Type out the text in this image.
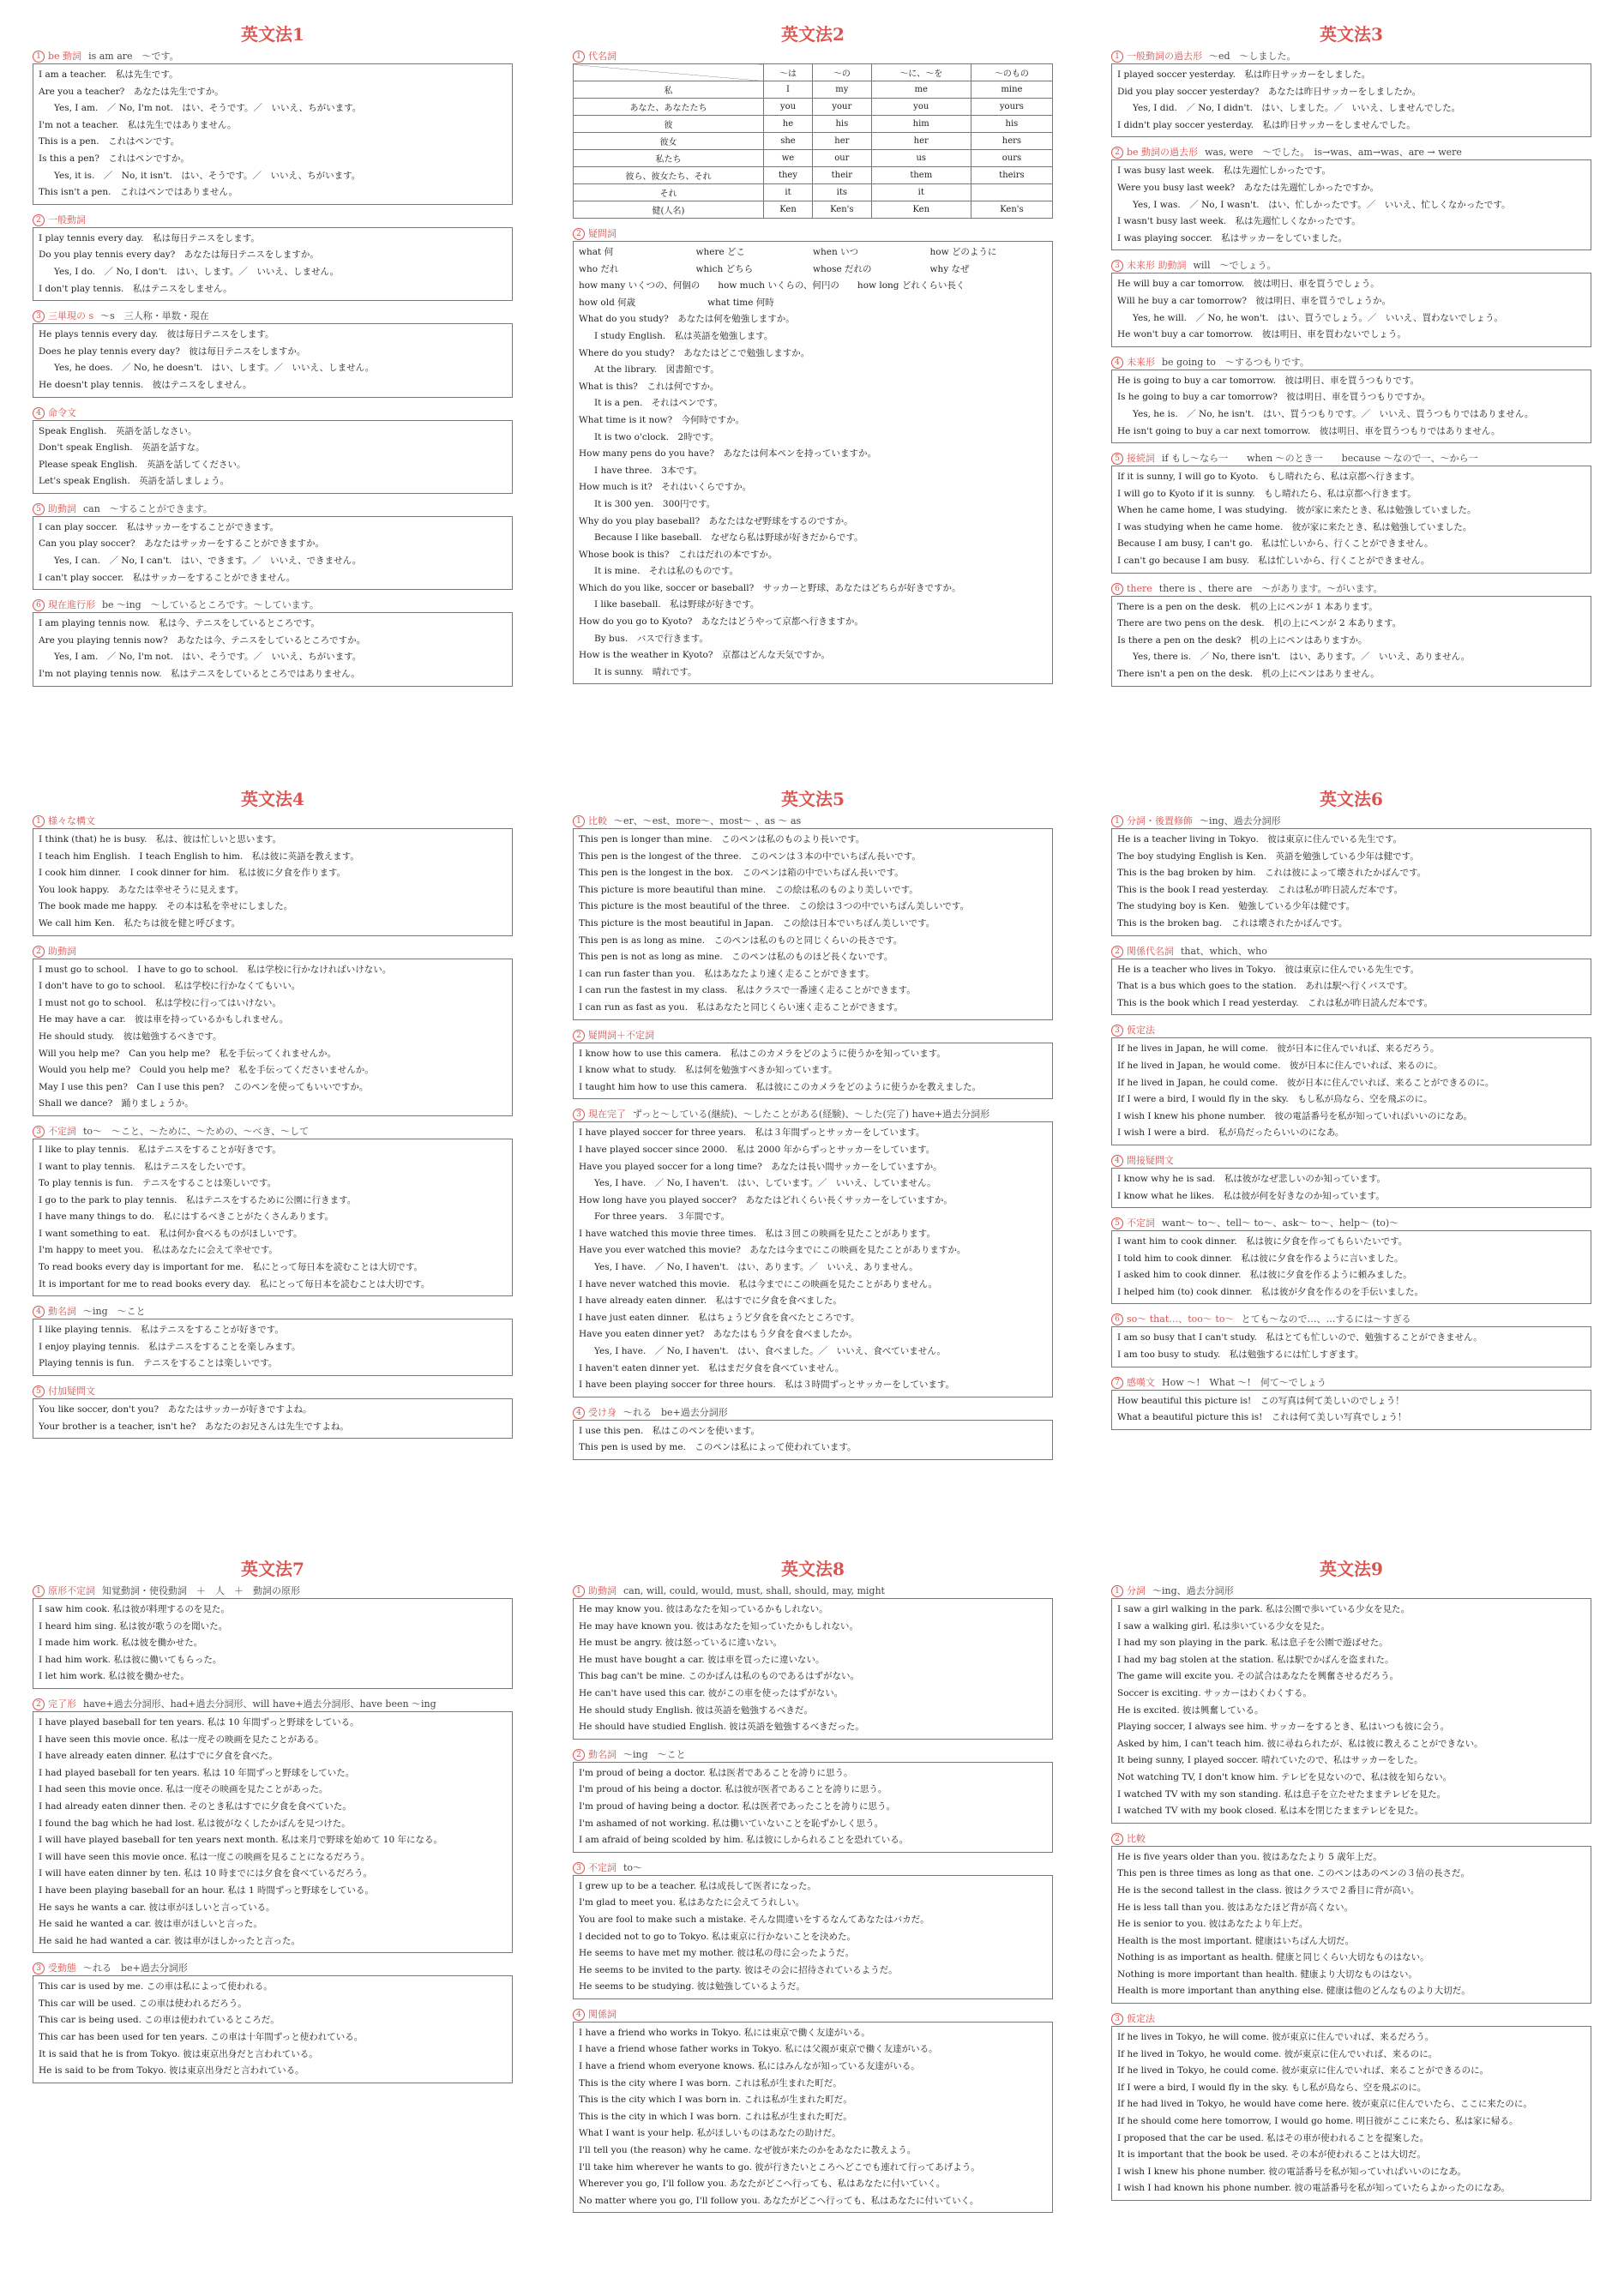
英文法1
1 be 動詞 is am are　〜です。
I am a teacher.　私は先生です。
Are you a teacher?　あなたは先生ですか。
Yes, I am.　／ No, I'm not.　はい、そうです。／　いいえ、ちがいます。
I'm not a teacher.　私は先生ではありません。
This is a pen.　これはペンです。
Is this a pen?　これはペンですか。
Yes, it is.　／　No, it isn't.　はい、そうです。／　いいえ、ちがいます。
This isn't a pen.　これはペンではありません。
2 一般動詞
I play tennis every day.　私は毎日テニスをします。
Do you play tennis every day?　あなたは毎日テニスをしますか。
Yes, I do.　／ No, I don't.　はい、します。／　いいえ、しません。
I don't play tennis.　私はテニスをしません。
3 三単現の s 〜s　三人称・単数・現在
He plays tennis every day.　彼は毎日テニスをします。
Does he play tennis every day?　彼は毎日テニスをしますか。
Yes, he does.　／ No, he doesn't.　はい、します。／　いいえ、しません。
He doesn't play tennis.　彼はテニスをしません。
4 命令文
Speak English.　英語を話しなさい。
Don't speak English.　英語を話すな。
Please speak English.　英語を話してください。
Let's speak English.　英語を話しましょう。
5 助動詞 can　〜することができます。
I can play soccer.　私はサッカーをすることができます。
Can you play soccer?　あなたはサッカーをすることができますか。
Yes, I can.　／ No, I can't.　はい、できます。／　いいえ、できません。
I can't play soccer.　私はサッカーをすることができません。
6 現在進行形 be 〜ing　〜しているところです。〜しています。
I am playing tennis now.　私は今、テニスをしているところです。
Are you playing tennis now?　あなたは今、テニスをしているところですか。
Yes, I am.　／ No, I'm not.　はい、そうです。／　いいえ、ちがいます。
I'm not playing tennis now.　私はテニスをしているところではありません。
英文法2
1 代名詞
	〜は	〜の	〜に、〜を	〜のもの
私	I	my	me	mine
あなた、あなたたち	you	your	you	yours
彼	he	his	him	his
彼女	she	her	her	hers
私たち	we	our	us	ours
彼ら、彼女たち、それ	they	their	them	theirs
それ	it	its	it	
健(人名)	Ken	Ken's	Ken	Ken's
2 疑問詞
what 何	where どこ	when いつ	how どのように
who だれ	which どちら	whose だれの	why なぜ
how many いくつの、何個の　　how much いくらの、何円の　　how long どれくらい長く
how old 何歳　　　　　　　　what time 何時
What do you study?　あなたは何を勉強しますか。
I study English.　私は英語を勉強します。
Where do you study?　あなたはどこで勉強しますか。
At the library.　図書館です。
What is this?　これは何ですか。
It is a pen.　それはペンです。
What time is it now?　今何時ですか。
It is two o'clock.　2時です。
How many pens do you have?　あなたは何本ペンを持っていますか。
I have three.　3本です。
How much is it?　それはいくらですか。
It is 300 yen.　300円です。
Why do you play baseball?　あなたはなぜ野球をするのですか。
Because I like baseball.　なぜなら私は野球が好きだからです。
Whose book is this?　これはだれの本ですか。
It is mine.　それは私のものです。
Which do you like, soccer or baseball?　サッカーと野球、あなたはどちらが好きですか。
I like baseball.　私は野球が好きです。
How do you go to Kyoto?　あなたはどうやって京都へ行きますか。
By bus.　バスで行きます。
How is the weather in Kyoto?　京都はどんな天気ですか。
It is sunny.　晴れです。
英文法3
1 一般動詞の過去形 〜ed　〜しました。
I played soccer yesterday.　私は昨日サッカーをしました。
Did you play soccer yesterday?　あなたは昨日サッカーをしましたか。
Yes, I did.　／ No, I didn't.　はい、しました。／　いいえ、しませんでした。
I didn't play soccer yesterday.　私は昨日サッカーをしませんでした。
2 be 動詞の過去形 was, were　〜でした。　is→was、am→was、are → were
I was busy last week.　私は先週忙しかったです。
Were you busy last week?　あなたは先週忙しかったですか。
Yes, I was.　／ No, I wasn't.　はい、忙しかったです。／　いいえ、忙しくなかったです。
I wasn't busy last week.　私は先週忙しくなかったです。
I was playing soccer.　私はサッカーをしていました。
3 未来形 助動詞 will　〜でしょう。
He will buy a car tomorrow.　彼は明日、車を買うでしょう。
Will he buy a car tomorrow?　彼は明日、車を買うでしょうか。
Yes, he will.　／ No, he won't.　はい、買うでしょう。／　いいえ、買わないでしょう。
He won't buy a car tomorrow.　彼は明日、車を買わないでしょう。
4 未来形 be going to　〜するつもりです。
He is going to buy a car tomorrow.　彼は明日、車を買うつもりです。
Is he going to buy a car tomorrow?　彼は明日、車を買うつもりですか。
Yes, he is.　／ No, he isn't.　はい、買うつもりです。／　いいえ、買うつもりではありません。
He isn't going to buy a car next tomorrow.　彼は明日、車を買うつもりではありません。
5 接続詞 if もし〜なら一　　when 〜のとき一　　because 〜なので一、〜から一
If it is sunny, I will go to Kyoto.　もし晴れたら、私は京都へ行きます。
I will go to Kyoto if it is sunny.　もし晴れたら、私は京都へ行きます。
When he came home, I was studying.　彼が家に来たとき、私は勉強していました。
I was studying when he came home.　彼が家に来たとき、私は勉強していました。
Because I am busy, I can't go.　私は忙しいから、行くことができません。
I can't go because I am busy.　私は忙しいから、行くことができません。
6 there there is 、there are　〜があります。〜がいます。
There is a pen on the desk.　机の上にペンが 1 本あります。
There are two pens on the desk.　机の上にペンが 2 本あります。
Is there a pen on the desk?　机の上にペンはありますか。
Yes, there is.　／ No, there isn't.　はい、あります。／　いいえ、ありません。
There isn't a pen on the desk.　机の上にペンはありません。
英文法4
1 様々な構文
I think (that) he is busy.　私は、彼は忙しいと思います。
I teach him English.　I teach English to him.　私は彼に英語を教えます。
I cook him dinner.　I cook dinner for him.　私は彼に夕食を作ります。
You look happy.　あなたは幸せそうに見えます。
The book made me happy.　その本は私を幸せにしました。
We call him Ken.　私たちは彼を健と呼びます。
2 助動詞
I must go to school.　I have to go to school.　私は学校に行かなければいけない。
I don't have to go to school.　私は学校に行かなくてもいい。
I must not go to school.　私は学校に行ってはいけない。
He may have a car.　彼は車を持っているかもしれません。
He should study.　彼は勉強するべきです。
Will you help me?　Can you help me?　私を手伝ってくれませんか。
Would you help me?　Could you help me?　私を手伝ってくださいませんか。
May I use this pen?　Can I use this pen?　このペンを使ってもいいですか。
Shall we dance?　踊りましょうか。
3 不定詞 to〜　〜こと、〜ために、〜ための、〜べき、〜して
I like to play tennis.　私はテニスをすることが好きです。
I want to play tennis.　私はテニスをしたいです。
To play tennis is fun.　テニスをすることは楽しいです。
I go to the park to play tennis.　私はテニスをするために公園に行きます。
I have many things to do.　私にはするべきことがたくさんあります。
I want something to eat.　私は何か食べるものがほしいです。
I'm happy to meet you.　私はあなたに会えて幸せです。
To read books every day is important for me.　私にとって毎日本を読むことは大切です。
It is important for me to read books every day.　私にとって毎日本を読むことは大切です。
4 動名詞 〜ing　〜こと
I like playing tennis.　私はテニスをすることが好きです。
I enjoy playing tennis.　私はテニスをすることを楽しみます。
Playing tennis is fun.　テニスをすることは楽しいです。
5 付加疑問文
You like soccer, don't you?　あなたはサッカーが好きですよね。
Your brother is a teacher, isn't he?　あなたのお兄さんは先生ですよね。
英文法5
1 比較 〜er、〜est、more〜、most〜 、as 〜 as
This pen is longer than mine.　このペンは私のものより長いです。
This pen is the longest of the three.　このペンは３本の中でいちばん長いです。
This pen is the longest in the box.　このペンは箱の中でいちばん長いです。
This picture is more beautiful than mine.　この絵は私のものより美しいです。
This picture is the most beautiful of the three.　この絵は３つの中でいちばん美しいです。
This picture is the most beautiful in Japan.　この絵は日本でいちばん美しいです。
This pen is as long as mine.　このペンは私のものと同じくらいの長さです。
This pen is not as long as mine.　このペンは私のものほど長くないです。
I can run faster than you.　私はあなたより速く走ることができます。
I can run the fastest in my class.　私はクラスで一番速く走ることができます。
I can run as fast as you.　私はあなたと同じくらい速く走ることができます。
2 疑問詞＋不定詞
I know how to use this camera.　私はこのカメラをどのように使うかを知っています。
I know what to study.　私は何を勉強すべきか知っています。
I taught him how to use this camera.　私は彼にこのカメラをどのように使うかを教えました。
3 現在完了 ずっと〜している(継続)、〜したことがある(経験)、〜した(完了) have+過去分詞形
I have played soccer for three years.　私は３年間ずっとサッカーをしています。
I have played soccer since 2000.　私は 2000 年からずっとサッカーをしています。
Have you played soccer for a long time?　あなたは長い間サッカーをしていますか。
Yes, I have.　／ No, I haven't.　はい、しています。／　いいえ、していません。
How long have you played soccer?　あなたはどれくらい長くサッカーをしていますか。
For three years.　３年間です。
I have watched this movie three times.　私は３回この映画を見たことがあります。
Have you ever watched this movie?　あなたは今までにこの映画を見たことがありますか。
Yes, I have.　／ No, I haven't.　はい、あります。／　いいえ、ありません。
I have never watched this movie.　私は今までにこの映画を見たことがありません。
I have already eaten dinner.　私はすでに夕食を食べました。
I have just eaten dinner.　私はちょうど夕食を食べたところです。
Have you eaten dinner yet?　あなたはもう夕食を食べましたか。
Yes, I have.　／ No, I haven't.　はい、食べました。／　いいえ、食べていません。
I haven't eaten dinner yet.　私はまだ夕食を食べていません。
I have been playing soccer for three hours.　私は３時間ずっとサッカーをしています。
4 受け身 〜れる　be+過去分詞形
I use this pen.　私はこのペンを使います。
This pen is used by me.　このペンは私によって使われています。
英文法6
1 分詞・後置修飾 〜ing、過去分詞形
He is a teacher living in Tokyo.　彼は東京に住んでいる先生です。
The boy studying English is Ken.　英語を勉強している少年は健です。
This is the bag broken by him.　これは彼によって壊されたかばんです。
This is the book I read yesterday.　これは私が昨日読んだ本です。
The studying boy is Ken.　勉強している少年は健です。
This is the broken bag.　これは壊されたかばんです。
2 関係代名詞 that、which、who
He is a teacher who lives in Tokyo.　彼は東京に住んでいる先生です。
That is a bus which goes to the station.　あれは駅へ行くバスです。
This is the book which I read yesterday.　これは私が昨日読んだ本です。
3 仮定法
If he lives in Japan, he will come.　彼が日本に住んでいれば、来るだろう。
If he lived in Japan, he would come.　彼が日本に住んでいれば、来るのに。
If he lived in Japan, he could come.　彼が日本に住んでいれば、来ることができるのに。
If I were a bird, I would fly in the sky.　もし私が鳥なら、空を飛ぶのに。
I wish I knew his phone number.　彼の電話番号を私が知っていればいいのになあ。
I wish I were a bird.　私が鳥だったらいいのになあ。
4 間接疑問文
I know why he is sad.　私は彼がなぜ悲しいのか知っています。
I know what he likes.　私は彼が何を好きなのか知っています。
5 不定詞 want〜 to〜、tell〜 to〜、ask〜 to〜、help〜 (to)〜
I want him to cook dinner.　私は彼に夕食を作ってもらいたいです。
I told him to cook dinner.　私は彼に夕食を作るように言いました。
I asked him to cook dinner.　私は彼に夕食を作るように頼みました。
I helped him (to) cook dinner.　私は彼が夕食を作るのを手伝いました。
6 so〜 that…、too〜 to〜 とても〜なので…、…するには〜すぎる
I am so busy that I can't study.　私はとても忙しいので、勉強することができません。
I am too busy to study.　私は勉強するには忙しすぎます。
7 感嘆文 How 〜!　What 〜!　何て〜でしょう
How beautiful this picture is!　この写真は何て美しいのでしょう！
What a beautiful picture this is!　これは何て美しい写真でしょう！
英文法7
1 原形不定詞 知覚動詞・使役動詞　＋　人　＋　動詞の原形
I saw him cook. 私は彼が料理するのを見た。
I heard him sing. 私は彼が歌うのを聞いた。
I made him work. 私は彼を働かせた。
I had him work. 私は彼に働いてもらった。
I let him work. 私は彼を働かせた。
2 完了形 have+過去分詞形、had+過去分詞形、will have+過去分詞形、have been 〜ing
I have played baseball for ten years. 私は 10 年間ずっと野球をしている。
I have seen this movie once. 私は一度その映画を見たことがある。
I have already eaten dinner. 私はすでに夕食を食べた。
I had played baseball for ten years. 私は 10 年間ずっと野球をしていた。
I had seen this movie once. 私は一度その映画を見たことがあった。
I had already eaten dinner then. そのとき私はすでに夕食を食べていた。
I found the bag which he had lost. 私は彼がなくしたかばんを見つけた。
I will have played baseball for ten years next month. 私は来月で野球を始めて 10 年になる。
I will have seen this movie once. 私は一度この映画を見ることになるだろう。
I will have eaten dinner by ten. 私は 10 時までには夕食を食べているだろう。
I have been playing baseball for an hour. 私は 1 時間ずっと野球をしている。
He says he wants a car. 彼は車がほしいと言っている。
He said he wanted a car. 彼は車がほしいと言った。
He said he had wanted a car. 彼は車がほしかったと言った。
3 受動態 〜れる　be+過去分詞形
This car is used by me. この車は私によって使われる。
This car will be used. この車は使われるだろう。
This car is being used. この車は使われているところだ。
This car has been used for ten years. この車は十年間ずっと使われている。
It is said that he is from Tokyo. 彼は東京出身だと言われている。
He is said to be from Tokyo. 彼は東京出身だと言われている。
英文法8
1 助動詞 can, will, could, would, must, shall, should, may, might
He may know you. 彼はあなたを知っているかもしれない。
He may have known you. 彼はあなたを知っていたかもしれない。
He must be angry. 彼は怒っているに違いない。
He must have bought a car. 彼は車を買ったに違いない。
This bag can't be mine. このかばんは私のものであるはずがない。
He can't have used this car. 彼がこの車を使ったはずがない。
He should study English. 彼は英語を勉強するべきだ。
He should have studied English. 彼は英語を勉強するべきだった。
2 動名詞 〜ing　〜こと
I'm proud of being a doctor. 私は医者であることを誇りに思う。
I'm proud of his being a doctor. 私は彼が医者であることを誇りに思う。
I'm proud of having being a doctor. 私は医者であったことを誇りに思う。
I'm ashamed of not working. 私は働いていないことを恥ずかしく思う。
I am afraid of being scolded by him. 私は彼にしかられることを恐れている。
3 不定詞 to〜
I grew up to be a teacher. 私は成長して医者になった。
I'm glad to meet you. 私はあなたに会えてうれしい。
You are fool to make such a mistake. そんな間違いをするなんてあなたはバカだ。
I decided not to go to Tokyo. 私は東京に行かないことを決めた。
He seems to have met my mother. 彼は私の母に会ったようだ。
He seems to be invited to the party. 彼はその会に招待されているようだ。
He seems to be studying. 彼は勉強しているようだ。
4 関係詞
I have a friend who works in Tokyo. 私には東京で働く友達がいる。
I have a friend whose father works in Tokyo. 私には父親が東京で働く友達がいる。
I have a friend whom everyone knows. 私にはみんなが知っている友達がいる。
This is the city where I was born. これは私が生まれた町だ。
This is the city which I was born in. これは私が生まれた町だ。
This is the city in which I was born. これは私が生まれた町だ。
What I want is your help. 私がほしいものはあなたの助けだ。
I'll tell you (the reason) why he came. なぜ彼が来たのかをあなたに教えよう。
I'll take him wherever he wants to go. 彼が行きたいところへどこでも連れて行ってあげよう。
Wherever you go, I'll follow you. あなたがどこへ行っても、私はあなたに付いていく。
No matter where you go, I'll follow you. あなたがどこへ行っても、私はあなたに付いていく。
英文法9
1 分詞 〜ing、過去分詞形
I saw a girl walking in the park. 私は公園で歩いている少女を見た。
I saw a walking girl. 私は歩いている少女を見た。
I had my son playing in the park. 私は息子を公園で遊ばせた。
I had my bag stolen at the station. 私は駅でかばんを盗まれた。
The game will excite you. その試合はあなたを興奮させるだろう。
Soccer is exciting. サッカーはわくわくする。
He is excited. 彼は興奮している。
Playing soccer, I always see him. サッカーをするとき、私はいつも彼に会う。
Asked by him, I can't teach him. 彼に尋ねられたが、私は彼に教えることができない。
It being sunny, I played soccer. 晴れていたので、私はサッカーをした。
Not watching TV, I don't know him. テレビを見ないので、私は彼を知らない。
I watched TV with my son standing. 私は息子を立たせたままテレビを見た。
I watched TV with my book closed. 私は本を閉じたままテレビを見た。
2 比較
He is five years older than you. 彼はあなたより 5 歳年上だ。
This pen is three times as long as that one. このペンはあのペンの３倍の長さだ。
He is the second tallest in the class. 彼はクラスで２番目に背が高い。
He is less tall than you. 彼はあなたほど背が高くない。
He is senior to you. 彼はあなたより年上だ。
Health is the most important. 健康はいちばん大切だ。
Nothing is as important as health. 健康と同じくらい大切なものはない。
Nothing is more important than health. 健康より大切なものはない。
Health is more important than anything else. 健康は他のどんなものより大切だ。
3 仮定法
If he lives in Tokyo, he will come. 彼が東京に住んでいれば、来るだろう。
If he lived in Tokyo, he would come. 彼が東京に住んでいれば、来るのに。
If he lived in Tokyo, he could come. 彼が東京に住んでいれば、来ることができるのに。
If I were a bird, I would fly in the sky. もし私が鳥なら、空を飛ぶのに。
If he had lived in Tokyo, he would have come here. 彼が東京に住んでいたら、ここに来たのに。
If he should come here tomorrow, I would go home. 明日彼がここに来たら、私は家に帰る。
I proposed that the car be used. 私はその車が使われることを提案した。
It is important that the book be used. その本が使われることは大切だ。
I wish I knew his phone number. 彼の電話番号を私が知っていればいいのになあ。
I wish I had known his phone number. 彼の電話番号を私が知っていたらよかったのになあ。
